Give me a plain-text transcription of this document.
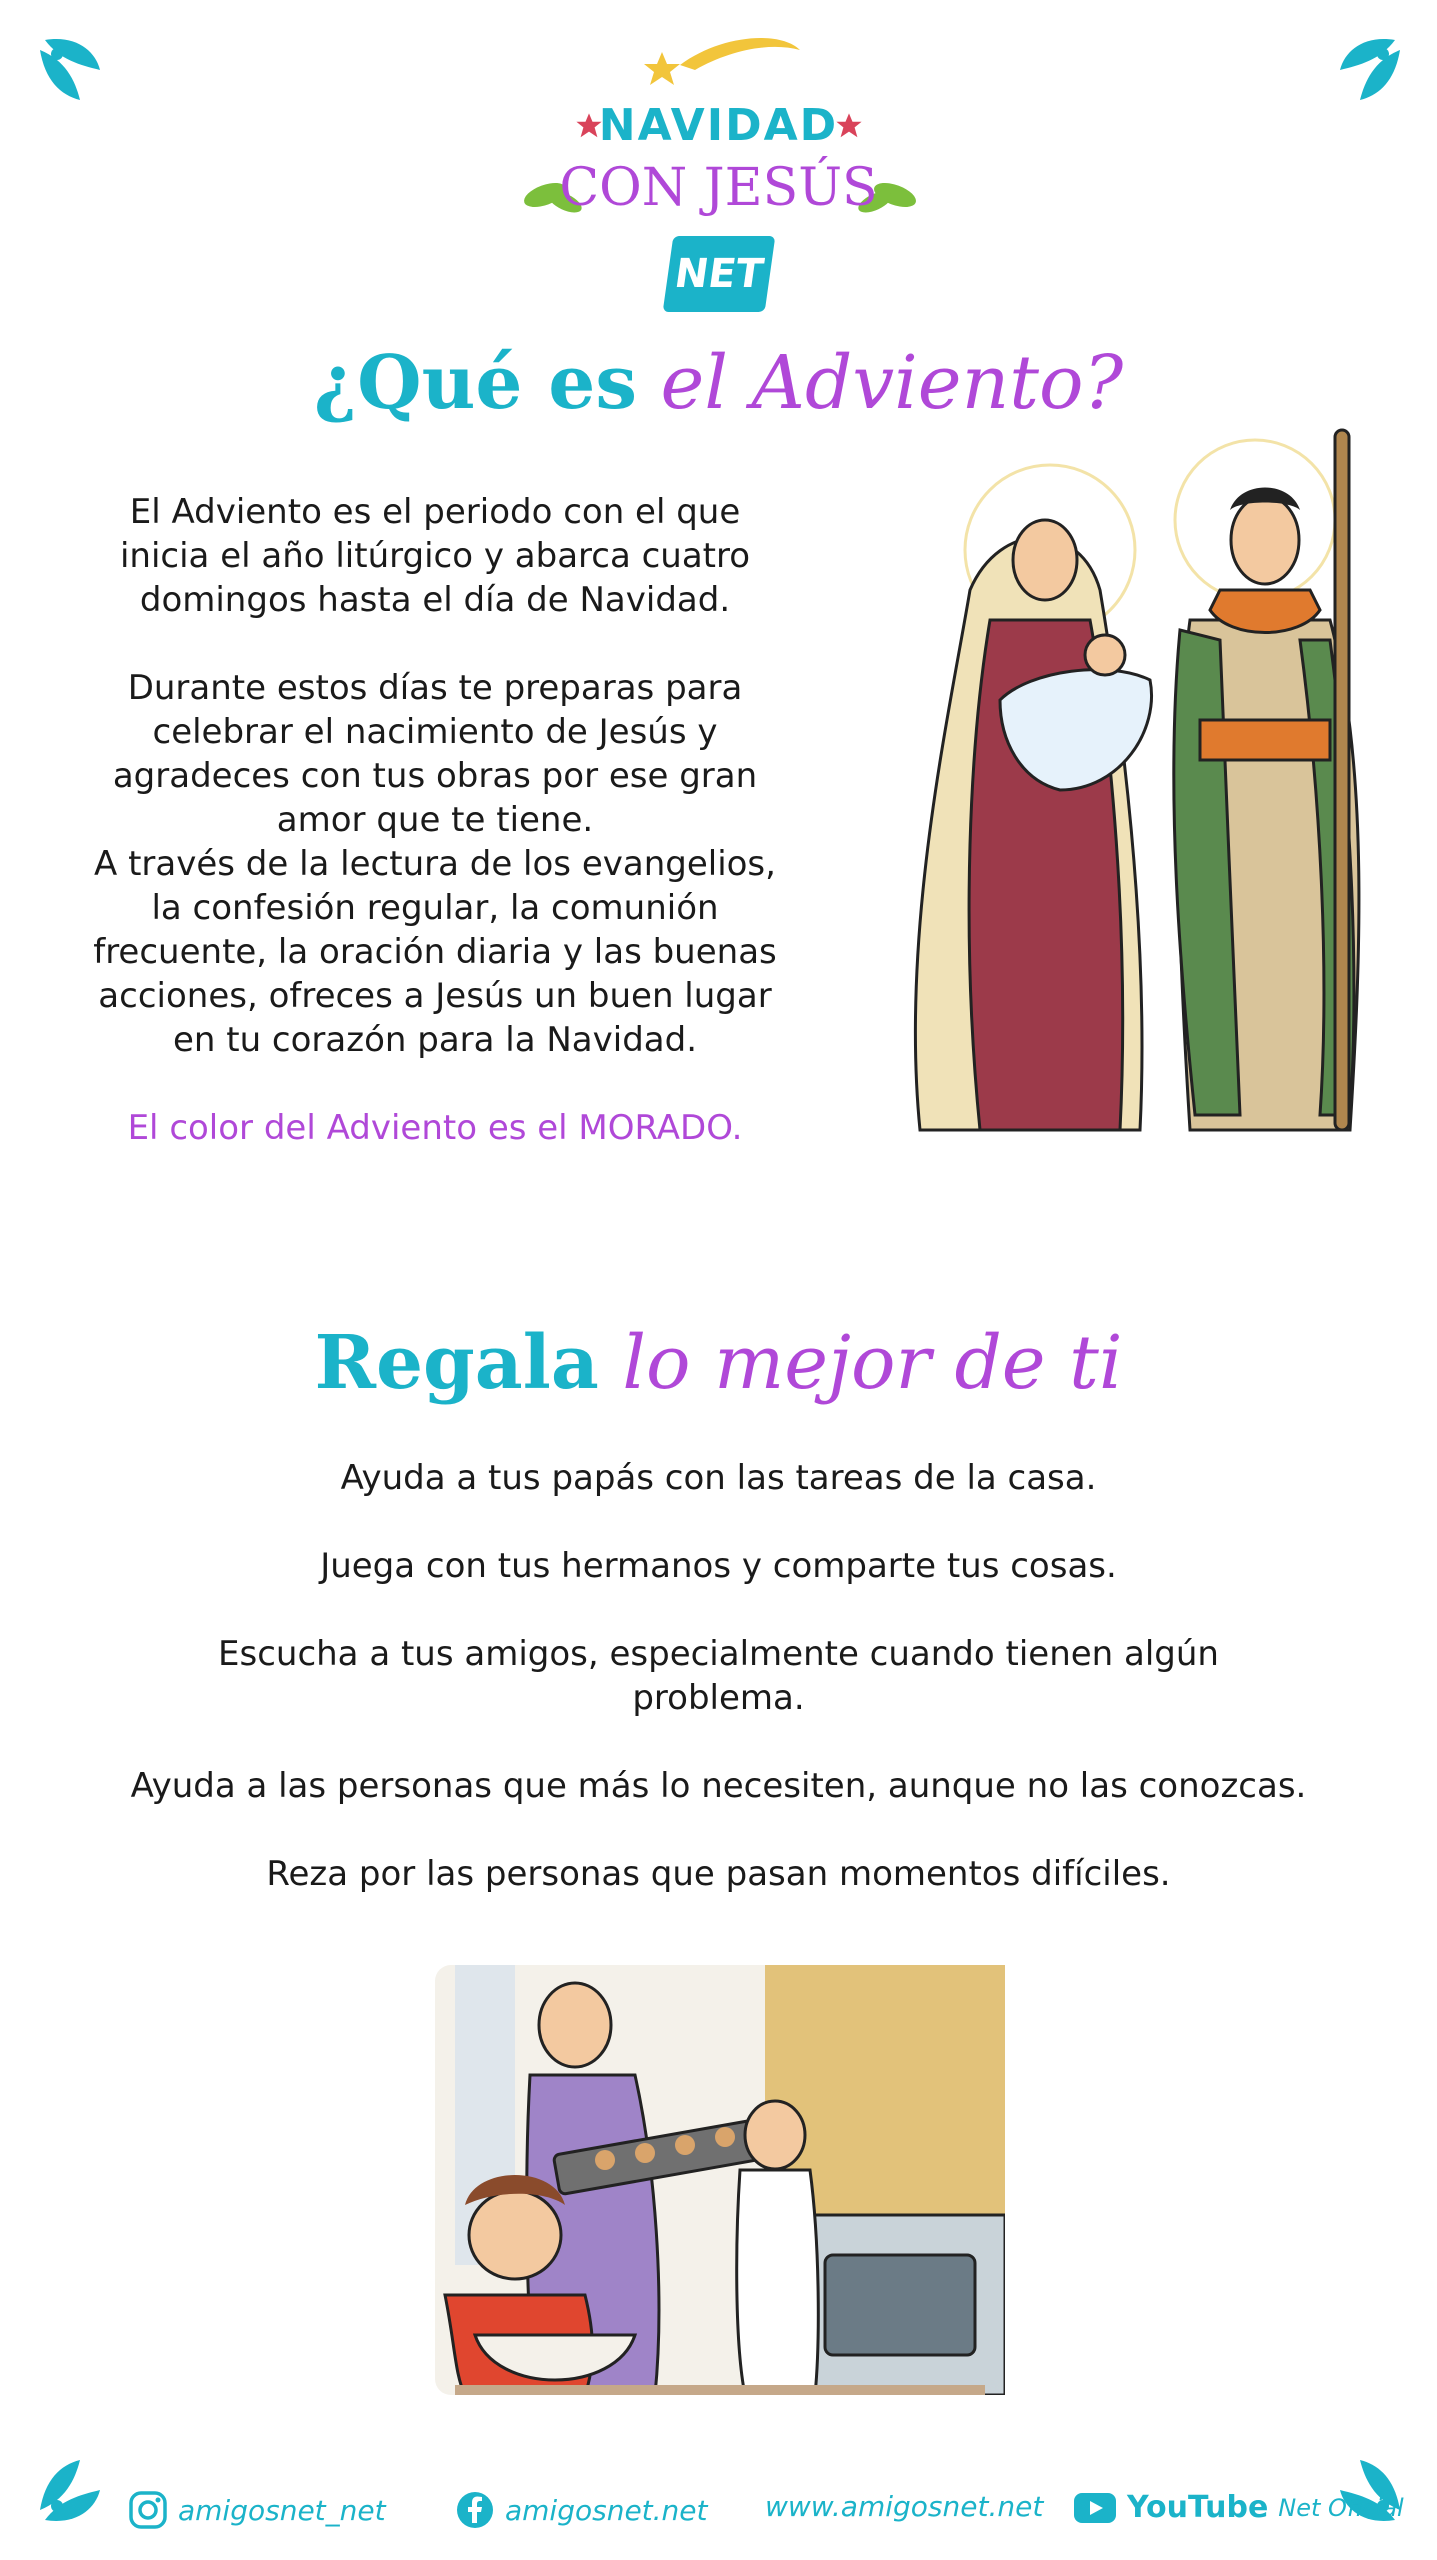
NAVIDAD
CON JESÚS
NET
¿Qué es el Adviento?
El Adviento es el periodo con el que
inicia el año litúrgico y abarca cuatro
domingos hasta el día de Navidad.
Durante estos días te preparas para
celebrar el nacimiento de Jesús y
agradeces con tus obras por ese gran
amor que te tiene.
A través de la lectura de los evangelios,
la confesión regular, la comunión
frecuente, la oración diaria y las buenas
acciones, ofreces a Jesús un buen lugar
en tu corazón para la Navidad.
El color del Adviento es el MORADO.
Regala lo mejor de ti
Ayuda a tus papás con las tareas de la casa.
Juega con tus hermanos y comparte tus cosas.
Escucha a tus amigos, especialmente cuando tienen algún
problema.
Ayuda a las personas que más lo necesiten, aunque no las conozcas.
Reza por las personas que pasan momentos difíciles.
amigosnet_net	amigosnet.net www.amigosnet.net	YouTube Net Oficial
